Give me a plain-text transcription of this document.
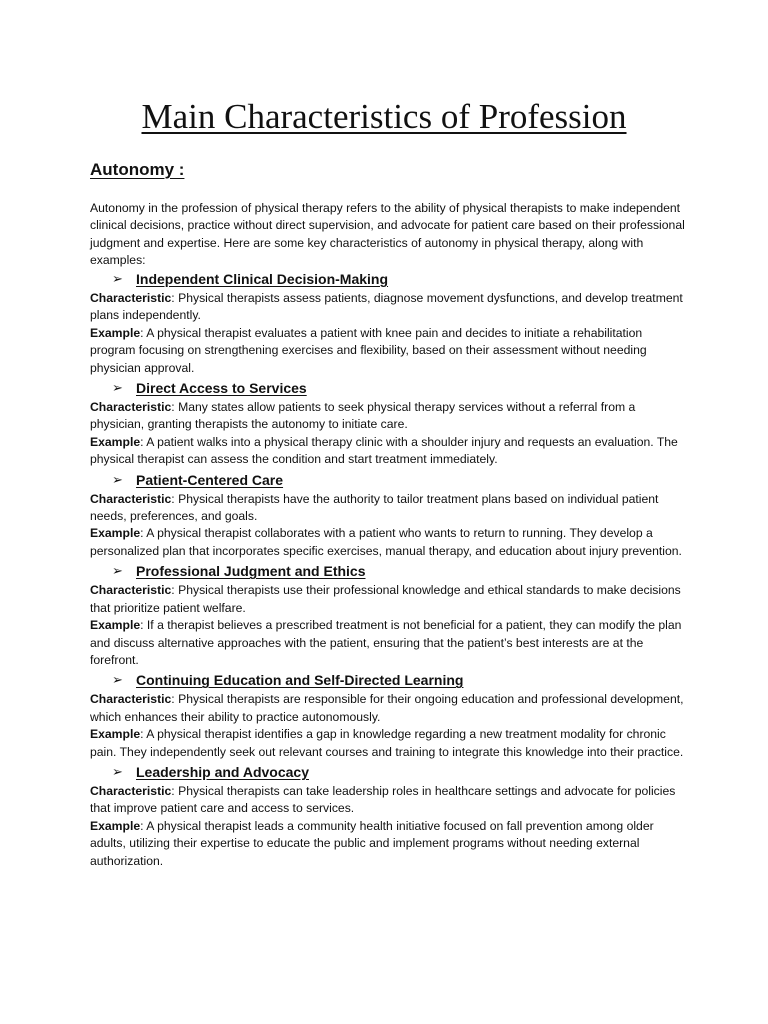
Main Characteristics of Profession
Autonomy :

Autonomy in the profession of physical therapy refers to the ability of physical therapists to make independent clinical decisions, practice without direct supervision, and advocate for patient care based on their professional judgment and expertise. Here are some key characteristics of autonomy in physical therapy, along with examples:

➢ Independent Clinical Decision-Making

Characteristic: Physical therapists assess patients, diagnose movement dysfunctions, and develop treatment plans independently.

Example: A physical therapist evaluates a patient with knee pain and decides to initiate a rehabilitation program focusing on strengthening exercises and flexibility, based on their assessment without needing physician approval.

➢ Direct Access to Services

Characteristic: Many states allow patients to seek physical therapy services without a referral from a physician, granting therapists the autonomy to initiate care.

Example: A patient walks into a physical therapy clinic with a shoulder injury and requests an evaluation. The physical therapist can assess the condition and start treatment immediately.

➢ Patient-Centered Care

Characteristic: Physical therapists have the authority to tailor treatment plans based on individual patient needs, preferences, and goals.

Example: A physical therapist collaborates with a patient who wants to return to running. They develop a personalized plan that incorporates specific exercises, manual therapy, and education about injury prevention.

➢ Professional Judgment and Ethics

Characteristic: Physical therapists use their professional knowledge and ethical standards to make decisions that prioritize patient welfare.

Example: If a therapist believes a prescribed treatment is not beneficial for a patient, they can modify the plan and discuss alternative approaches with the patient, ensuring that the patient’s best interests are at the forefront.

➢ Continuing Education and Self-Directed Learning

Characteristic: Physical therapists are responsible for their ongoing education and professional development, which enhances their ability to practice autonomously.

Example: A physical therapist identifies a gap in knowledge regarding a new treatment modality for chronic pain. They independently seek out relevant courses and training to integrate this knowledge into their practice.

➢ Leadership and Advocacy

Characteristic: Physical therapists can take leadership roles in healthcare settings and advocate for policies that improve patient care and access to services.

Example: A physical therapist leads a community health initiative focused on fall prevention among older adults, utilizing their expertise to educate the public and implement programs without needing external authorization.
